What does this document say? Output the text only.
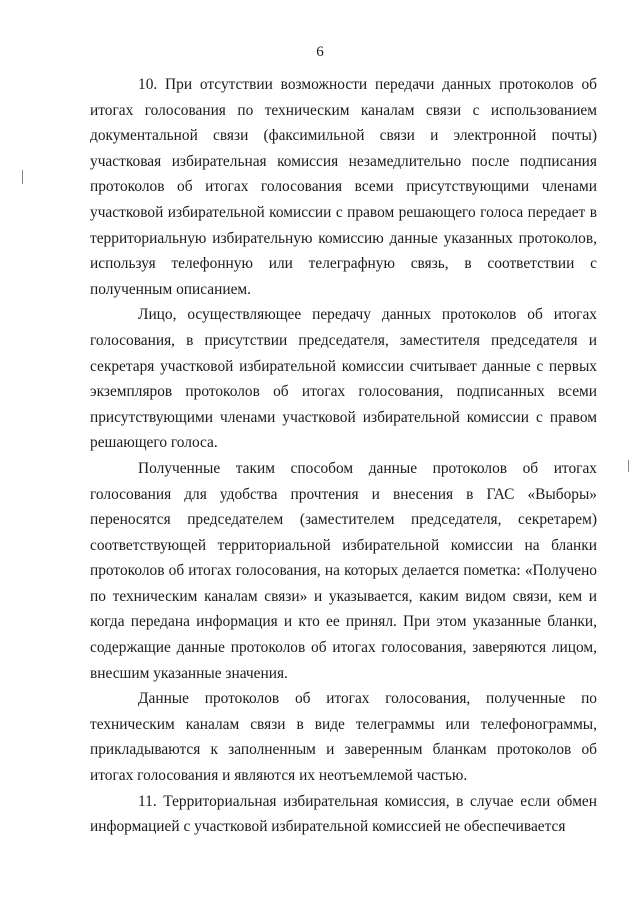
6

10. При отсутствии возможности передачи данных протоколов об итогах голосования по техническим каналам связи с использованием документальной связи (факсимильной связи и электронной почты) участковая избирательная комиссия незамедлительно после подписания протоколов об итогах голосования всеми присутствующими членами участковой избирательной комиссии с правом решающего голоса передает в территориальную избирательную комиссию данные указанных протоколов, используя телефонную или телеграфную связь, в соответствии с полученным описанием.

Лицо, осуществляющее передачу данных протоколов об итогах голосования, в присутствии председателя, заместителя председателя и секретаря участковой избирательной комиссии считывает данные с первых экземпляров протоколов об итогах голосования, подписанных всеми присутствующими членами участковой избирательной комиссии с правом решающего голоса.

Полученные таким способом данные протоколов об итогах голосования для удобства прочтения и внесения в ГАС «Выборы» переносятся председателем (заместителем председателя, секретарем) соответствующей территориальной избирательной комиссии на бланки протоколов об итогах голосования, на которых делается пометка: «Получено по техническим каналам связи» и указывается, каким видом связи, кем и когда передана информация и кто ее принял. При этом указанные бланки, содержащие данные протоколов об итогах голосования, заверяются лицом, внесшим указанные значения.

Данные протоколов об итогах голосования, полученные по техническим каналам связи в виде телеграммы или телефонограммы, прикладываются к заполненным и заверенным бланкам протоколов об итогах голосования и являются их неотъемлемой частью.

11. Территориальная избирательная комиссия, в случае если обмен информацией с участковой избирательной комиссией не обеспечивается
